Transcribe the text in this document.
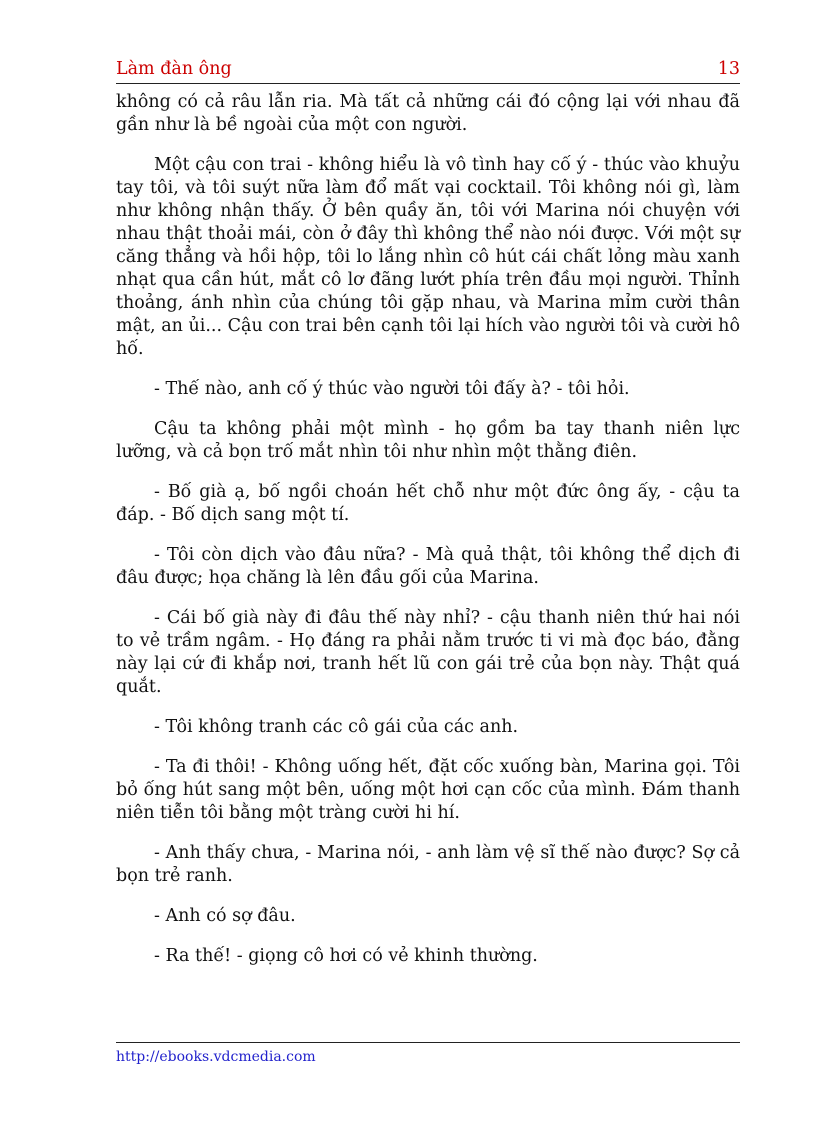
Làm đàn ông	13

không có cả râu lẫn ria. Mà tất cả những cái đó cộng lại với nhau đã gần như là bề ngoài của một con người.

Một cậu con trai - không hiểu là vô tình hay cố ý - thúc vào khuỷu tay tôi, và tôi suýt nữa làm đổ mất vại cocktail. Tôi không nói gì, làm như không nhận thấy. Ở bên quầy ăn, tôi với Marina nói chuyện với nhau thật thoải mái, còn ở đây thì không thể nào nói được. Với một sự căng thẳng và hồi hộp, tôi lo lắng nhìn cô hút cái chất lỏng màu xanh nhạt qua cần hút, mắt cô lơ đãng lướt phía trên đầu mọi người. Thỉnh thoảng, ánh nhìn của chúng tôi gặp nhau, và Marina mỉm cười thân mật, an ủi... Cậu con trai bên cạnh tôi lại hích vào người tôi và cười hô hố.

- Thế nào, anh cố ý thúc vào người tôi đấy à? - tôi hỏi.

Cậu ta không phải một mình - họ gồm ba tay thanh niên lực lưỡng, và cả bọn trố mắt nhìn tôi như nhìn một thằng điên.

- Bố già ạ, bố ngồi choán hết chỗ như một đức ông ấy, - cậu ta đáp. - Bố dịch sang một tí.

- Tôi còn dịch vào đâu nữa? - Mà quả thật, tôi không thể dịch đi đâu được; họa chăng là lên đầu gối của Marina.

- Cái bố già này đi đâu thế này nhỉ? - cậu thanh niên thứ hai nói to vẻ trầm ngâm. - Họ đáng ra phải nằm trước ti vi mà đọc báo, đằng này lại cứ đi khắp nơi, tranh hết lũ con gái trẻ của bọn này. Thật quá quắt.

- Tôi không tranh các cô gái của các anh.

- Ta đi thôi! - Không uống hết, đặt cốc xuống bàn, Marina gọi. Tôi bỏ ống hút sang một bên, uống một hơi cạn cốc của mình. Đám thanh niên tiễn tôi bằng một tràng cười hi hí.

- Anh thấy chưa, - Marina nói, - anh làm vệ sĩ thế nào được? Sợ cả bọn trẻ ranh.

- Anh có sợ đâu.

- Ra thế! - giọng cô hơi có vẻ khinh thường.

http://ebooks.vdcmedia.com
